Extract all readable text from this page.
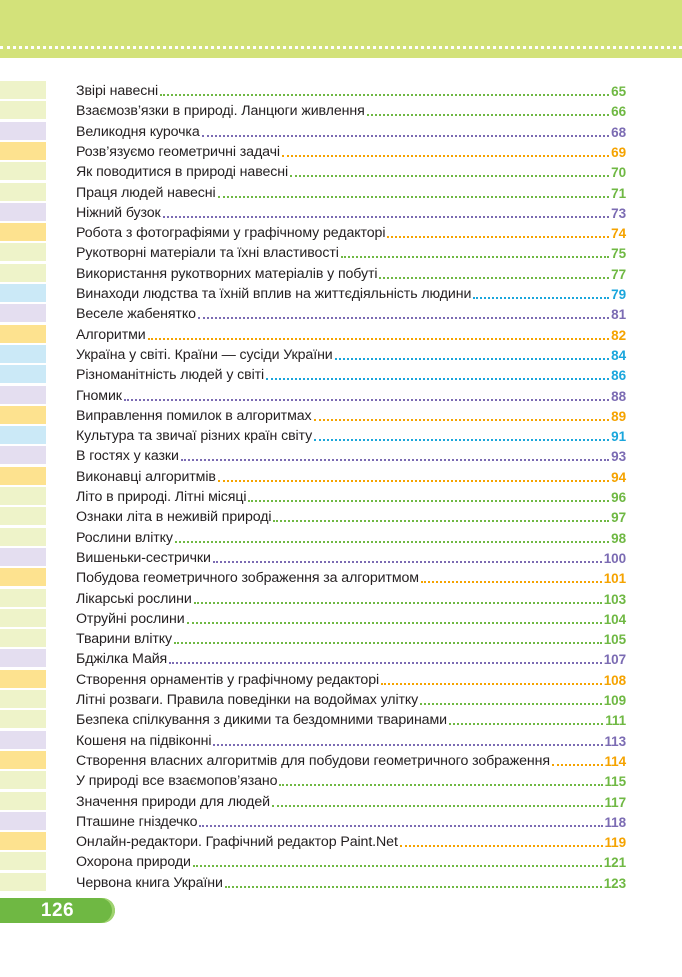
Звірі навесні	65
Взаємозв’язки в природі. Ланцюги живлення	66
Великодня курочка	68
Розв’язуємо геометричні задачі	69
Як поводитися в природі навесні	70
Праця людей навесні	71
Ніжний бузок	73
Робота з фотографіями у графічному редакторі	74
Рукотворні матеріали та їхні властивості	75
Використання рукотворних матеріалів у побуті	77
Винаходи людства та їхній вплив на життєдіяльність людини	79
Веселе жабенятко	81
Алгоритми	82
Україна у світі. Країни — сусіди України	84
Різноманітність людей у світі	86
Гномик	88
Виправлення помилок в алгоритмах	89
Культура та звичаї різних країн світу	91
В гостях у казки	93
Виконавці алгоритмів	94
Літо в природі. Літні місяці	96
Ознаки літа в неживій природі	97
Рослини влітку	98
Вишеньки-сестрички	100
Побудова геометричного зображення за алгоритмом	101
Лікарські рослини	103
Отруйні рослини	104
Тварини влітку	105
Бджілка Майя	107
Створення орнаментів у графічному редакторі	108
Літні розваги. Правила поведінки на водоймах улітку	109
Безпека спілкування з дикими та бездомними тваринами	111
Кошеня на підвіконні	113
Створення власних алгоритмів для побудови геометричного зображення	114
У природі все взаємопов’язано	115
Значення природи для людей	117
Пташине гніздечко	118
Онлайн-редактори. Графічний редактор Paint.Net	119
Охорона природи	121
Червона книга України	123
126
